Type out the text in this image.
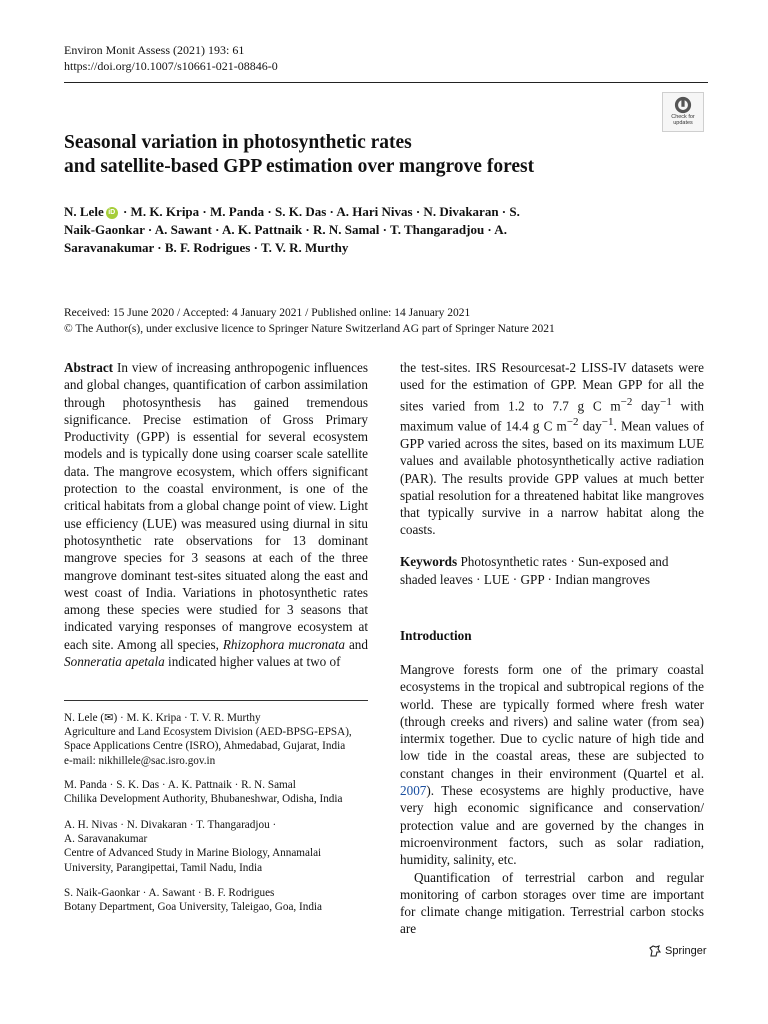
Environ Monit Assess (2021) 193: 61
https://doi.org/10.1007/s10661-021-08846-0
Check for
updates
Seasonal variation in photosynthetic rates
and satellite-based GPP estimation over mangrove forest
N. Lele iD · M. K. Kripa · M. Panda · S. K. Das · A. Hari Nivas · N. Divakaran · S.
Naik-Gaonkar · A. Sawant · A. K. Pattnaik · R. N. Samal · T. Thangaradjou · A.
Saravanakumar · B. F. Rodrigues · T. V. R. Murthy
Received: 15 June 2020 / Accepted: 4 January 2021 / Published online: 14 January 2021
© The Author(s), under exclusive licence to Springer Nature Switzerland AG part of Springer Nature 2021
Abstract In view of increasing anthropogenic influences and global changes, quantification of carbon assimilation through photosynthesis has gained tremendous significance. Precise estimation of Gross Primary Productivity (GPP) is essential for several ecosystem models and is typically done using coarser scale satellite data. The mangrove ecosystem, which offers significant protection to the coastal environment, is one of the critical habitats from a global change point of view. Light use efficiency (LUE) was measured using diurnal in situ photosynthetic rate observations for 13 dominant mangrove species for 3 seasons at each of the three mangrove dominant test-sites situated along the east and west coast of India. Variations in photosynthetic rates among these species were studied for 3 seasons that indicated varying responses of mangrove ecosystem at each site. Among all species, Rhizophora mucronata and Sonneratia apetala indicated higher values at two of
the test-sites. IRS Resourcesat-2 LISS-IV datasets were used for the estimation of GPP. Mean GPP for all the sites varied from 1.2 to 7.7 g C $m^{-2}$ day$^{-1}$ with maximum value of 14.4 g C $m^{-2}$ day$^{-1}$. Mean values of GPP varied across the sites, based on its maximum LUE values and available photosynthetically active radiation (PAR). The results provide GPP values at much better spatial resolution for a threatened habitat like mangroves that typically survive in a narrow habitat along the coasts.
Keywords Photosynthetic rates · Sun-exposed and shaded leaves · LUE · GPP · Indian mangroves
Introduction

Mangrove forests form one of the primary coastal ecosystems in the tropical and subtropical regions of the world. These are typically formed where fresh water (through creeks and rivers) and saline water (from sea) intermix together. Due to cyclic nature of high tide and low tide in the coastal areas, these are subjected to constant changes in their environment (Quartel et al. 2007). These ecosystems are highly productive, have very high economic significance and conservation/ protection value and are governed by the changes in microenvironment factors, such as solar radiation, humidity, salinity, etc.

Quantification of terrestrial carbon and regular monitoring of carbon storages over time are important for climate change mitigation. Terrestrial carbon stocks are

N. Lele (✉) · M. K. Kripa · T. V. R. Murthy
Agriculture and Land Ecosystem Division (AED-BPSG-EPSA),
Space Applications Centre (ISRO), Ahmedabad, Gujarat, India
e-mail: nikhillele@sac.isro.gov.in
M. Panda · S. K. Das · A. K. Pattnaik · R. N. Samal
Chilika Development Authority, Bhubaneshwar, Odisha, India
A. H. Nivas · N. Divakaran · T. Thangaradjou ·
A. Saravanakumar
Centre of Advanced Study in Marine Biology, Annamalai
University, Parangipettai, Tamil Nadu, India
S. Naik-Gaonkar · A. Sawant · B. F. Rodrigues
Botany Department, Goa University, Taleigao, Goa, India
Springer
